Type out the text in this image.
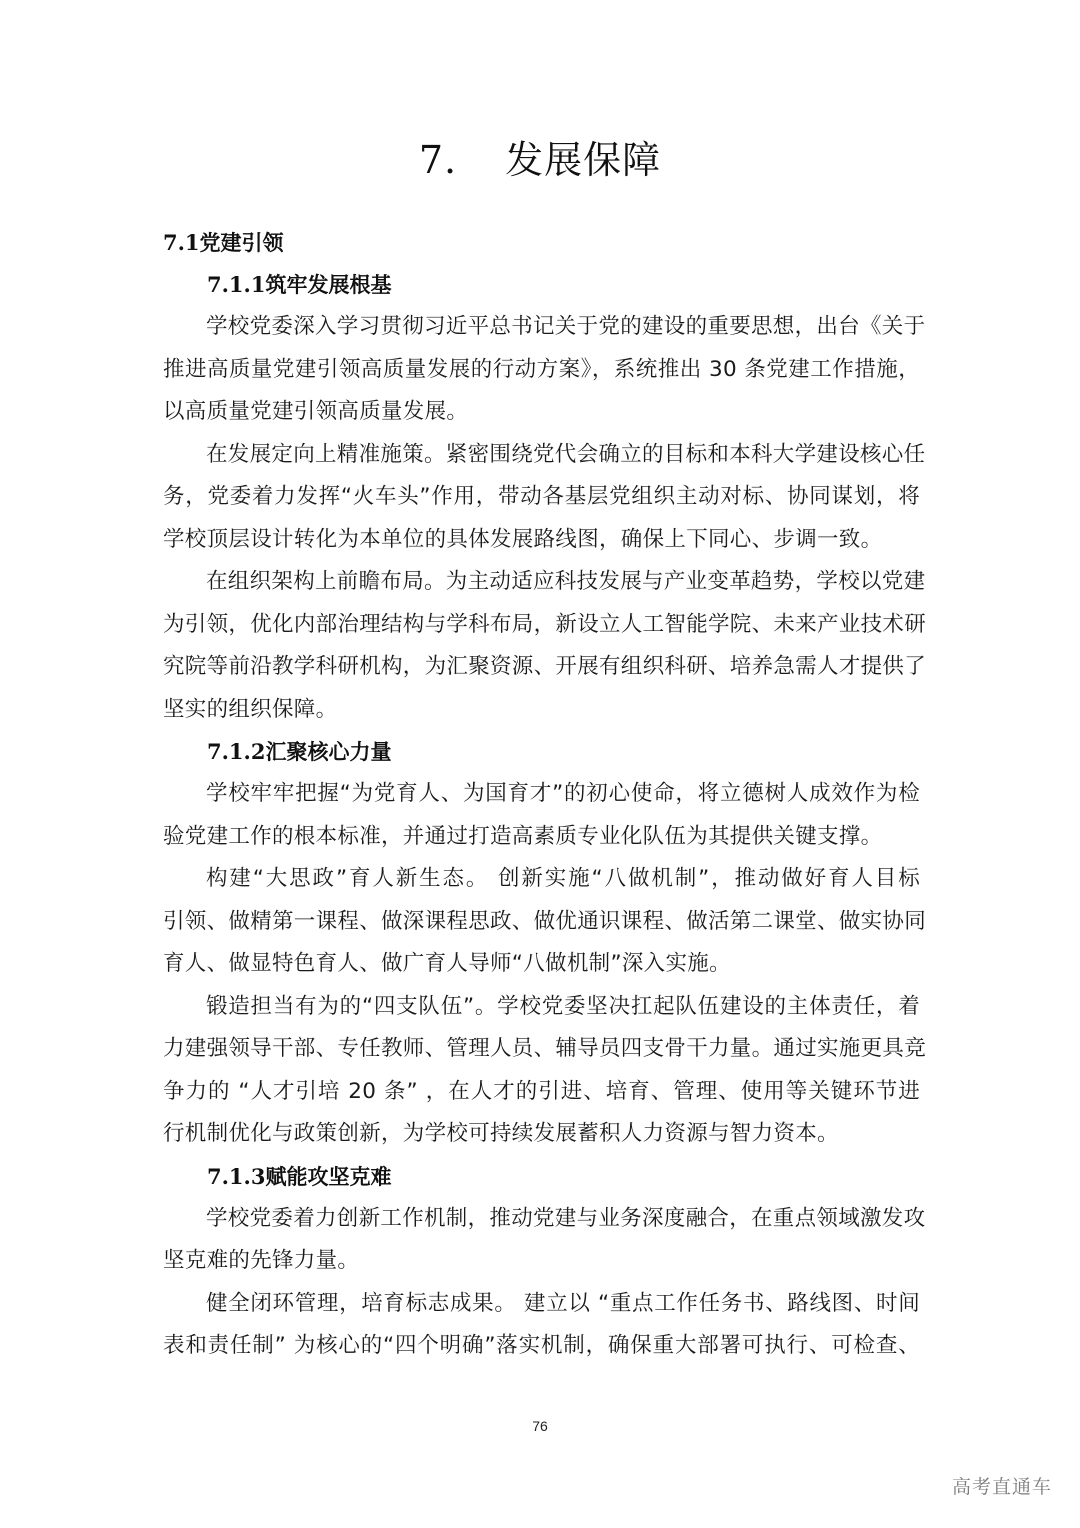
7. 发展保障
7.1党建引领
7.1.1筑牢发展根基

学校党委深入学习贯彻习近平总书记关于党的建设的重要思想，出台《关于
推进高质量党建引领高质量发展的行动方案》，系统推出 30 条党建工作措施，
以高质量党建引领高质量发展。

在发展定向上精准施策。紧密围绕党代会确立的目标和本科大学建设核心任
务，党委着力发挥“火车头”作用，带动各基层党组织主动对标、协同谋划，将
学校顶层设计转化为本单位的具体发展路线图，确保上下同心、步调一致。

在组织架构上前瞻布局。为主动适应科技发展与产业变革趋势，学校以党建
为引领，优化内部治理结构与学科布局，新设立人工智能学院、未来产业技术研
究院等前沿教学科研机构，为汇聚资源、开展有组织科研、培养急需人才提供了
坚实的组织保障。

7.1.2汇聚核心力量

学校牢牢把握“为党育人、为国育才”的初心使命，将立德树人成效作为检
验党建工作的根本标准，并通过打造高素质专业化队伍为其提供关键支撑。

构建“大思政”育人新生态。 创新实施“八做机制”，推动做好育人目标
引领、做精第一课程、做深课程思政、做优通识课程、做活第二课堂、做实协同
育人、做显特色育人、做广育人导师“八做机制”深入实施。

锻造担当有为的“四支队伍”。学校党委坚决扛起队伍建设的主体责任，着
力建强领导干部、专任教师、管理人员、辅导员四支骨干力量。通过实施更具竞
争力的 “人才引培 20 条” ，在人才的引进、培育、管理、使用等关键环节进
行机制优化与政策创新，为学校可持续发展蓄积人力资源与智力资本。

7.1.3赋能攻坚克难

学校党委着力创新工作机制，推动党建与业务深度融合，在重点领域激发攻
坚克难的先锋力量。

健全闭环管理，培育标志成果。 建立以 “重点工作任务书、路线图、时间
表和责任制” 为核心的“四个明确”落实机制，确保重大部署可执行、可检查、

76
高考直通车
